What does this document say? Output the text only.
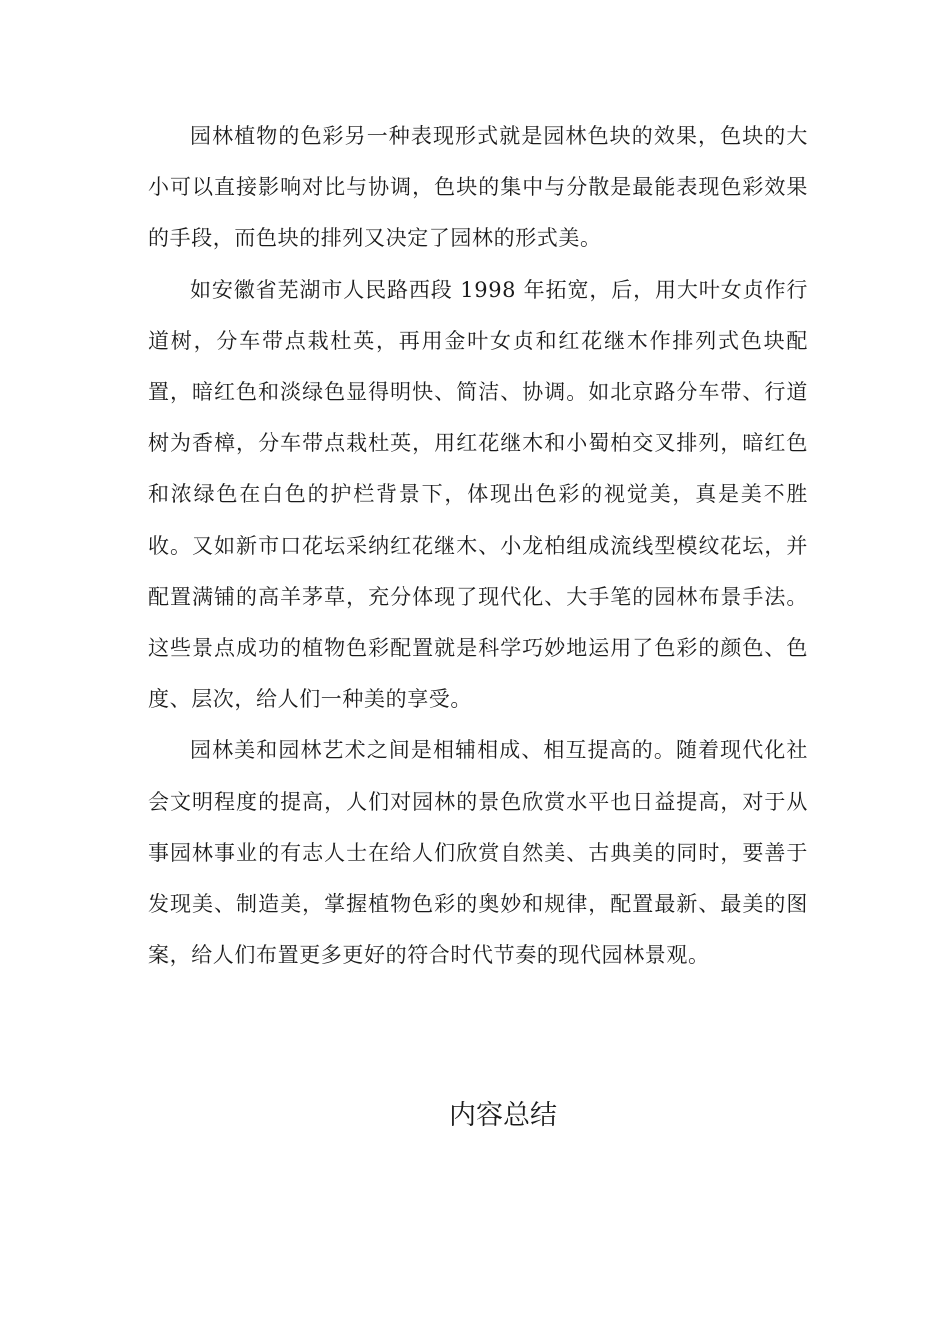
园林植物的色彩另一种表现形式就是园林色块的效果，色块的大小可以直接影响对比与协调，色块的集中与分散是最能表现色彩效果的手段，而色块的排列又决定了园林的形式美。

如安徽省芜湖市人民路西段 1998 年拓宽，后，用大叶女贞作行道树，分车带点栽杜英，再用金叶女贞和红花继木作排列式色块配置，暗红色和淡绿色显得明快、简洁、协调。如北京路分车带、行道树为香樟，分车带点栽杜英，用红花继木和小蜀柏交叉排列，暗红色和浓绿色在白色的护栏背景下，体现出色彩的视觉美，真是美不胜收。又如新市口花坛采纳红花继木、小龙柏组成流线型模纹花坛，并配置满铺的高羊茅草，充分体现了现代化、大手笔的园林布景手法。这些景点成功的植物色彩配置就是科学巧妙地运用了色彩的颜色、色度、层次，给人们一种美的享受。

园林美和园林艺术之间是相辅相成、相互提高的。随着现代化社会文明程度的提高，人们对园林的景色欣赏水平也日益提高，对于从事园林事业的有志人士在给人们欣赏自然美、古典美的同时，要善于发现美、制造美，掌握植物色彩的奥妙和规律，配置最新、最美的图案，给人们布置更多更好的符合时代节奏的现代园林景观。

内容总结
